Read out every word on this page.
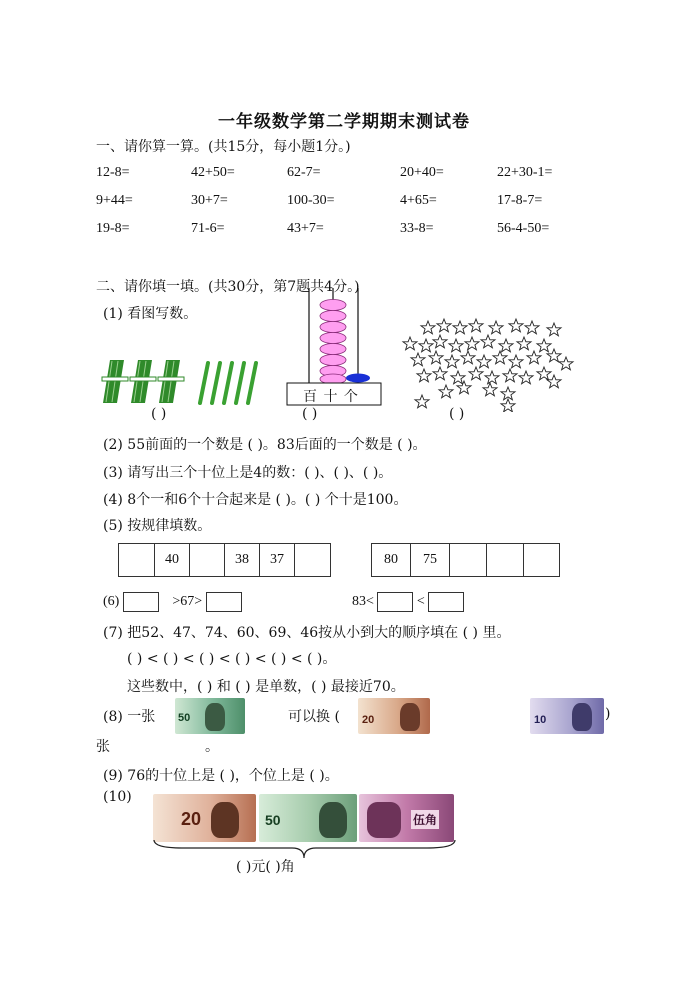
一年级数学第二学期期末测试卷
一、请你算一算。(共15分，每小题1分。)
12-8=	42+50=	62-7=	20+40=	22+30-1=
9+44=	30+7=	100-30=	4+65=	17-8-7=
19-8=	71-6=	43+7=	33-8=	56-4-50=
二、请你填一填。(共30分，第7题共4分。)
(1) 看图写数。
百 十 个
( )	( )	( )
(2) 55前面的一个数是 ( )。83后面的一个数是 ( )。
(3) 请写出三个十位上是4的数：( )、( )、( )。
(4) 8个一和6个十合起来是 ( )。( ) 个十是100。
(5) 按规律填数。
40	38	37	80	75
(6)	>67>	83<	<
(7) 把52、47、74、60、69、46按从小到大的顺序填在 ( ) 里。
( ) < ( ) < ( ) < ( ) < ( ) < ( )。
这些数中，( ) 和 ( ) 是单数，( ) 最接近70。
(8) 一张 50	可以换 ( 20	10	)
张	。
(9) 76的十位上是 ( )，个位上是 ( )。
(10)
20	50	伍角
( )元( )角
